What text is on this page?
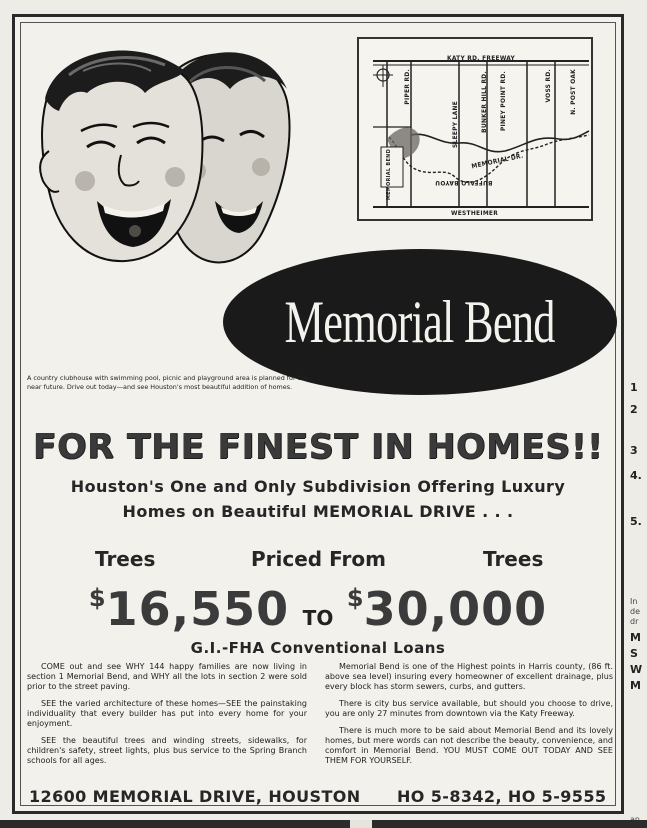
1
2
3
4.
5.
In
de
dr
M
S
W
M
KATY RD. FREEWAY
PIPER RD.	BUNKER HILL RD. PINEY POINT RD.	VOSS RD.	N. POST OAK
SLEEPY LANE
MEMORIAL DR.
BUFFALO BAYOU
MEMORIAL BEND
WESTHEIMER
Memorial Bend
A country clubhouse with swimming pool, picnic and playground area is planned for the near future. Drive out today—and see Houston's most beautiful addition of homes.
FOR THE FINEST IN HOMES!!
Houston's One and Only Subdivision Offering Luxury
Homes on Beautiful MEMORIAL DRIVE . . .
Trees	Priced From	Trees
$16,550 TO $30,000
G.I.-FHA Conventional Loans

COME out and see WHY 144 happy families are now living in section 1 Memorial Bend, and WHY all the lots in section 2 were sold prior to the street paving.

SEE the varied architecture of these homes—SEE the painstaking individuality that every builder has put into every home for your enjoyment.

SEE the beautiful trees and winding streets, sidewalks, for children's safety, street lights, plus bus service to the Spring Branch schools for all ages.

Memorial Bend is one of the Highest points in Harris county, (86 ft. above sea level) insuring every homeowner of excellent drainage, plus every block has storm sewers, curbs, and gutters.

There is city bus service available, but should you choose to drive, you are only 27 minutes from downtown via the Katy Freeway.

There is much more to be said about Memorial Bend and its lovely homes, but mere words can not describe the beauty, convenience, and comfort in Memorial Bend. YOU MUST COME OUT TODAY AND SEE THEM FOR YOURSELF.

12600 MEMORIAL DRIVE, HOUSTON HO 5-8342, HO 5-9555
